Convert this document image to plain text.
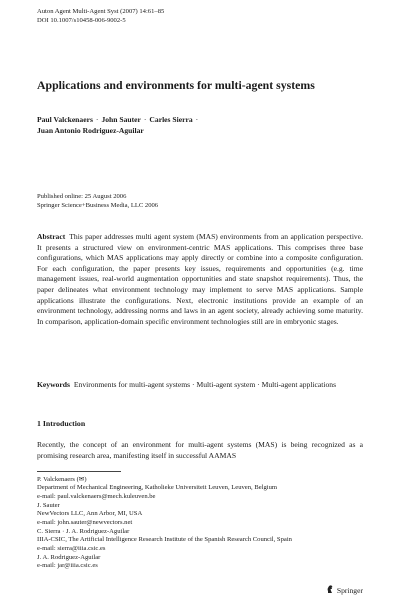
Auton Agent Multi-Agent Syst (2007) 14:61–85

DOI 10.1007/s10458-006-9002-5

Applications and environments for multi-agent systems
Paul Valckenaers · John Sauter · Carles Sierra ·
Juan Antonio Rodriguez-Aguilar

Published online: 25 August 2006

Springer Science+Business Media, LLC 2006

Abstract This paper addresses multi agent system (MAS) environments from an application perspective. It presents a structured view on environment-centric MAS applications. This comprises three base configurations, which MAS applications may apply directly or combine into a composite configuration. For each configuration, the paper presents key issues, requirements and opportunities (e.g. time management issues, real-world augmentation opportunities and state snapshot requirements). Thus, the paper delineates what environment technology may implement to serve MAS applications. Sample applications illustrate the configurations. Next, electronic institutions provide an example of an environment technology, addressing norms and laws in an agent society, already achieving some maturity. In comparison, application-domain specific environment technologies still are in embryonic stages.
Keywords Environments for multi-agent systems · Multi-agent system · Multi-agent applications
1 Introduction
Recently, the concept of an environment for multi-agent systems (MAS) is being recognized as a promising research area, manifesting itself in successful AAMAS

P. Valckenaers (✉)

Department of Mechanical Engineering, Katholieke Universiteit Leuven, Leuven, Belgium

e-mail: paul.valckenaers@mech.kuleuven.be

J. Sauter

NewVectors LLC, Ann Arbor, MI, USA

e-mail: john.sauter@newvectors.net

C. Sierra · J. A. Rodriguez-Aguilar

IIIA-CSIC, The Artificial Intelligence Research Institute of the Spanish Research Council, Spain

e-mail: sierra@iiia.csic.es

J. A. Rodriguez-Aguilar

e-mail: jar@iiia.csic.es

Springer
